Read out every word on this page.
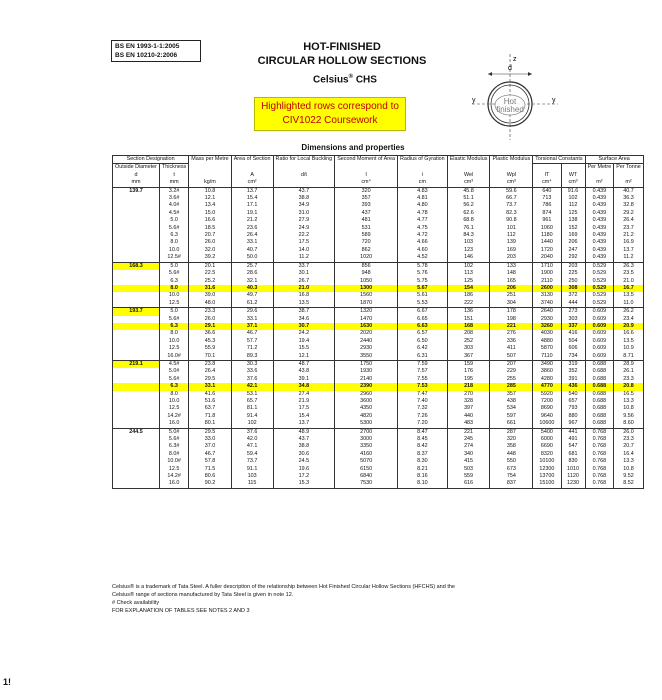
BS EN 1993-1-1:2005
BS EN 10210-2:2006
HOT-FINISHED
CIRCULAR HOLLOW SECTIONS
Celsius® CHS
Highlighted rows correspond to
CIV1022 Coursework
Dimensions and properties
d
z
y
y	Hot
finished
Section Designation		Mass per Metre	Area of Section	Ratio for Local Buckling	Second Moment of Area	Radius of Gyration	Elastic Modulus	Plastic Modulus	Torsional Constants		Surface Area	
Outside Diameter	Thickness										Per Metre	Per Tonne
d	t		A	d/t	I	i	Wel	Wpl	IT	WT		
mm	mm	kg/m	cm²		cm⁴	cm	cm³	cm³	cm⁴	cm³	m²	m²
139.7	3.2#	10.8	13.7	43.7	320	4.83	45.8	59.6	640	91.6	0.439	40.7
	3.6#	12.1	15.4	38.8	357	4.81	51.1	66.7	713	102	0.439	36.3
	4.0#	13.4	17.1	34.9	393	4.80	56.2	73.7	786	112	0.439	32.8
	4.5#	15.0	19.1	31.0	437	4.78	62.6	82.3	874	125	0.439	29.2
	5.0	16.6	21.2	27.9	481	4.77	68.8	90.8	961	138	0.439	26.4
	5.6#	18.5	23.6	24.9	531	4.75	76.1	101	1060	152	0.439	23.7
	6.3	20.7	26.4	22.2	589	4.72	84.3	112	1180	169	0.439	21.2
	8.0	26.0	33.1	17.5	720	4.66	103	139	1440	206	0.439	16.9
	10.0	32.0	40.7	14.0	862	4.60	123	169	1720	247	0.439	13.7
	12.5#	39.2	50.0	11.2	1020	4.52	146	203	2040	292	0.439	11.2
168.3	5.0	20.1	25.7	33.7	856	5.78	102	133	1710	203	0.529	26.3
	5.6#	22.5	28.6	30.1	948	5.76	113	148	1900	225	0.529	23.5
	6.3	25.2	32.1	26.7	1050	5.75	125	165	2110	250	0.529	21.0
	8.0	31.6	40.3	21.0	1300	5.67	154	206	2600	308	0.529	16.7
	10.0	39.0	49.7	16.8	1560	5.61	186	251	3130	372	0.529	13.5
	12.5	48.0	61.2	13.5	1870	5.53	222	304	3740	444	0.529	11.0
193.7	5.0	23.3	29.6	38.7	1320	6.67	136	178	2640	273	0.609	26.2
	5.6#	26.0	33.1	34.6	1470	6.65	151	198	2930	303	0.609	23.4
	6.3	29.1	37.1	30.7	1630	6.63	168	221	3260	337	0.609	20.9
	8.0	36.6	46.7	24.2	2020	6.57	208	276	4030	416	0.609	16.6
	10.0	45.3	57.7	19.4	2440	6.50	252	336	4880	504	0.609	13.5
	12.5	55.9	71.2	15.5	2930	6.42	303	411	5870	606	0.609	10.9
	16.0#	70.1	89.3	12.1	3550	6.31	367	507	7110	734	0.609	8.71
219.1	4.5#	23.8	30.3	48.7	1750	7.59	159	207	3490	319	0.688	28.9
	5.0#	26.4	33.6	43.8	1930	7.57	176	229	3860	352	0.688	26.1
	5.6#	29.5	37.6	39.1	2140	7.55	195	255	4280	391	0.688	23.3
	6.3	33.1	42.1	34.8	2390	7.53	218	285	4770	436	0.688	20.8
	8.0	41.6	53.1	27.4	2960	7.47	270	357	5920	540	0.688	16.5
	10.0	51.6	65.7	21.9	3600	7.40	328	438	7200	657	0.688	13.3
	12.5	63.7	81.1	17.5	4350	7.32	397	534	8690	793	0.688	10.8
	14.2#	71.8	91.4	15.4	4820	7.26	440	597	9640	880	0.688	9.56
	16.0	80.1	102	13.7	5300	7.20	483	661	10600	967	0.688	8.60
244.5	5.0#	29.5	37.6	48.9	2700	8.47	221	287	5400	441	0.768	26.0
	5.6#	33.0	42.0	43.7	3000	8.45	245	320	6000	491	0.768	23.3
	6.3#	37.0	47.1	38.8	3350	8.42	274	358	6690	547	0.768	20.7
	8.0#	46.7	59.4	30.6	4160	8.37	340	448	8320	681	0.768	16.4
	10.0#	57.8	73.7	24.5	5070	8.30	415	550	10100	830	0.768	13.3
	12.5	71.5	91.1	19.6	6150	8.21	503	673	12300	1010	0.768	10.8
	14.2#	80.6	103	17.2	6840	8.16	559	754	13700	1120	0.768	9.52
	16.0	90.2	115	15.3	7530	8.10	616	837	15100	1230	0.768	8.52
Celsius® is a trademark of Tata Steel. A fuller description of the relationship between Hot Finished Circular Hollow Sections (HFCHS) and the
Celsius® range of sections manufactured by Tata Steel is given in note 12.
# Check availability
FOR EXPLANATION OF TABLES SEE NOTES 2 AND 3
1!
